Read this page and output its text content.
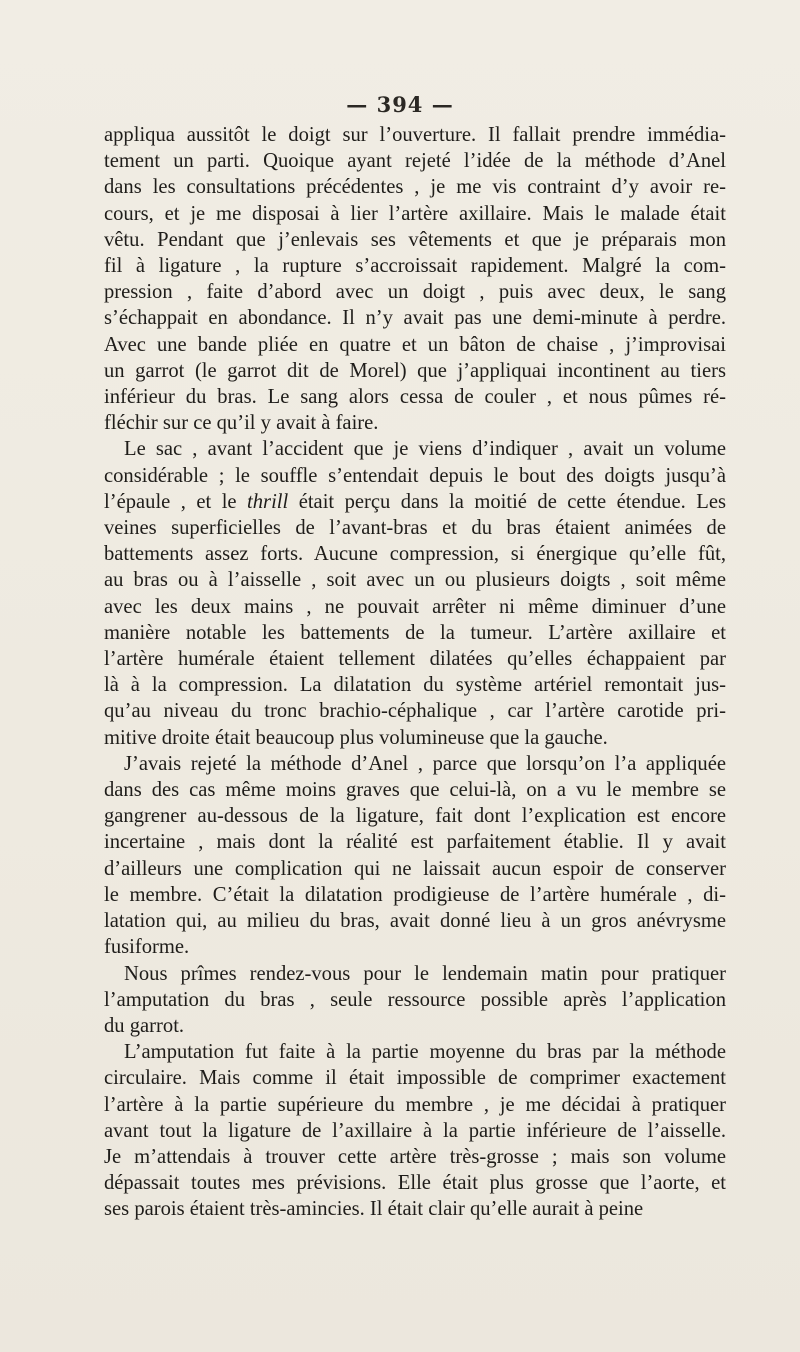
— 394 —
appliqua aussitôt le doigt sur l’ouverture. Il fallait prendre immédia-
tement un parti. Quoique ayant rejeté l’idée de la méthode d’Anel
dans les consultations précédentes , je me vis contraint d’y avoir re-
cours, et je me disposai à lier l’artère axillaire. Mais le malade était
vêtu. Pendant que j’enlevais ses vêtements et que je préparais mon
fil à ligature , la rupture s’accroissait rapidement. Malgré la com-
pression , faite d’abord avec un doigt , puis avec deux, le sang
s’échappait en abondance. Il n’y avait pas une demi-minute à perdre.
Avec une bande pliée en quatre et un bâton de chaise , j’improvisai
un garrot (le garrot dit de Morel) que j’appliquai incontinent au tiers
inférieur du bras. Le sang alors cessa de couler , et nous pûmes ré-
fléchir sur ce qu’il y avait à faire.
Le sac , avant l’accident que je viens d’indiquer , avait un volume
considérable ; le souffle s’entendait depuis le bout des doigts jusqu’à
l’épaule , et le thrill était perçu dans la moitié de cette étendue. Les
veines superficielles de l’avant-bras et du bras étaient animées de
battements assez forts. Aucune compression, si énergique qu’elle fût,
au bras ou à l’aisselle , soit avec un ou plusieurs doigts , soit même
avec les deux mains , ne pouvait arrêter ni même diminuer d’une
manière notable les battements de la tumeur. L’artère axillaire et
l’artère humérale étaient tellement dilatées qu’elles échappaient par
là à la compression. La dilatation du système artériel remontait jus-
qu’au niveau du tronc brachio-céphalique , car l’artère carotide pri-
mitive droite était beaucoup plus volumineuse que la gauche.
J’avais rejeté la méthode d’Anel , parce que lorsqu’on l’a appliquée
dans des cas même moins graves que celui-là, on a vu le membre se
gangrener au-dessous de la ligature, fait dont l’explication est encore
incertaine , mais dont la réalité est parfaitement établie. Il y avait
d’ailleurs une complication qui ne laissait aucun espoir de conserver
le membre. C’était la dilatation prodigieuse de l’artère humérale , di-
latation qui, au milieu du bras, avait donné lieu à un gros anévrysme
fusiforme.
Nous prîmes rendez-vous pour le lendemain matin pour pratiquer
l’amputation du bras , seule ressource possible après l’application
du garrot.
L’amputation fut faite à la partie moyenne du bras par la méthode
circulaire. Mais comme il était impossible de comprimer exactement
l’artère à la partie supérieure du membre , je me décidai à pratiquer
avant tout la ligature de l’axillaire à la partie inférieure de l’aisselle.
Je m’attendais à trouver cette artère très-grosse ; mais son volume
dépassait toutes mes prévisions. Elle était plus grosse que l’aorte, et
ses parois étaient très-amincies. Il était clair qu’elle aurait à peine
